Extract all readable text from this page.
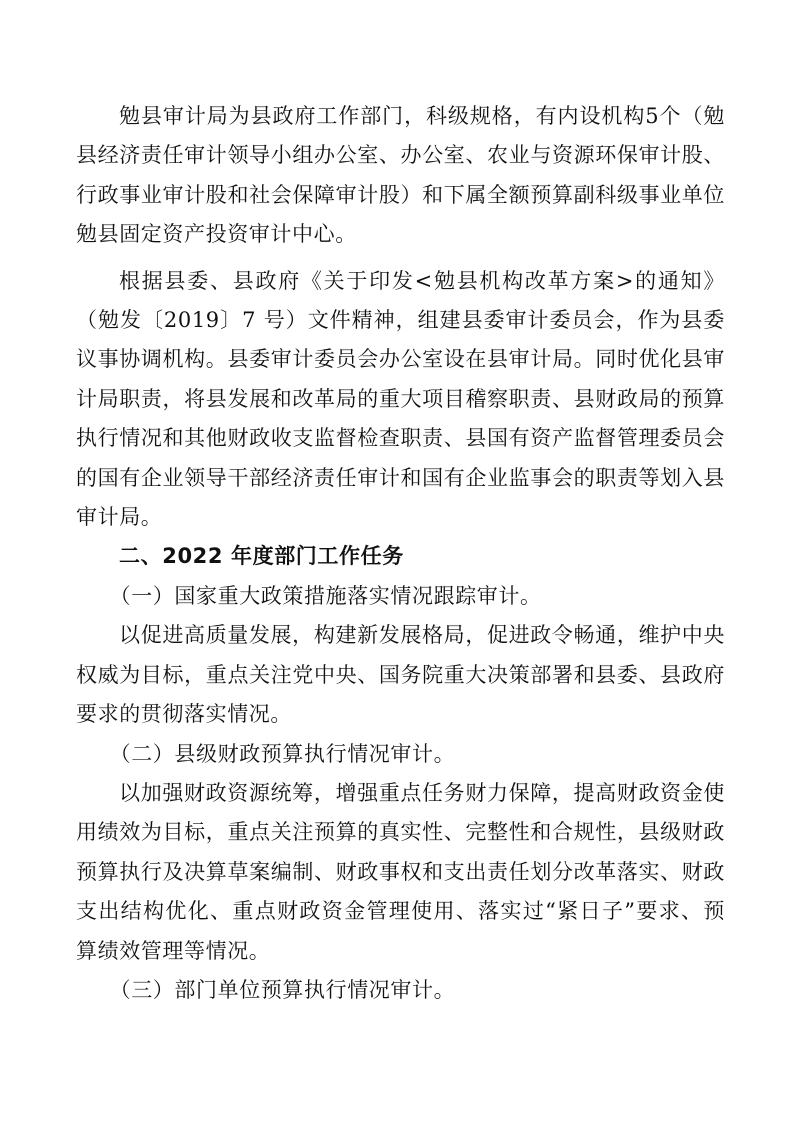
勉县审计局为县政府工作部门，科级规格，有内设机构5个（勉县经济责任审计领导小组办公室、办公室、农业与资源环保审计股、行政事业审计股和社会保障审计股）和下属全额预算副科级事业单位勉县固定资产投资审计中心。

根据县委、县政府《关于印发<勉县机构改革方案>的通知》（勉发〔2019〕7 号）文件精神，组建县委审计委员会，作为县委议事协调机构。县委审计委员会办公室设在县审计局。同时优化县审计局职责，将县发展和改革局的重大项目稽察职责、县财政局的预算执行情况和其他财政收支监督检查职责、县国有资产监督管理委员会的国有企业领导干部经济责任审计和国有企业监事会的职责等划入县审计局。

二、2022 年度部门工作任务

（一）国家重大政策措施落实情况跟踪审计。

以促进高质量发展，构建新发展格局，促进政令畅通，维护中央权威为目标，重点关注党中央、国务院重大决策部署和县委、县政府要求的贯彻落实情况。

（二）县级财政预算执行情况审计。

以加强财政资源统筹，增强重点任务财力保障，提高财政资金使用绩效为目标，重点关注预算的真实性、完整性和合规性，县级财政预算执行及决算草案编制、财政事权和支出责任划分改革落实、财政支出结构优化、重点财政资金管理使用、落实过“紧日子”要求、预算绩效管理等情况。

（三）部门单位预算执行情况审计。
